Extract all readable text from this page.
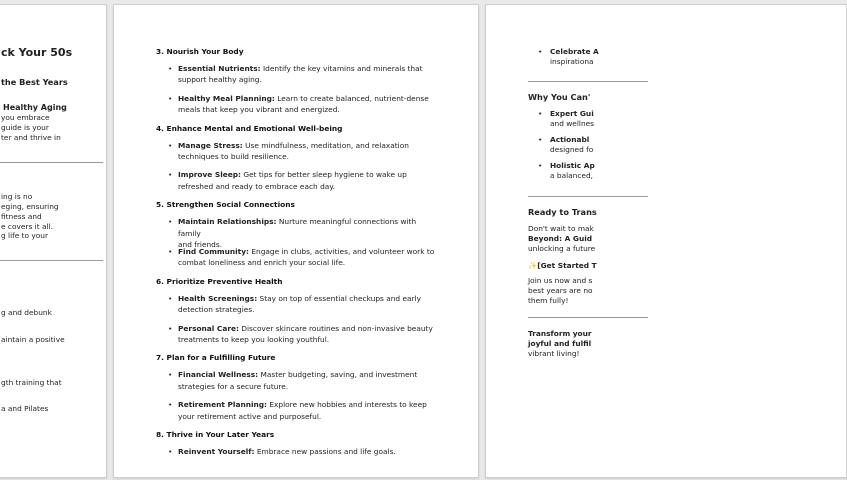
ck Your 50s
the Best Years
Healthy Aging
you embrace
guide is your
ter and thrive in
ing is no
eging, ensuring
fitness and
e covers it all.
g life to your
g and debunk
aintain a positive
gth training that
a and Pilates
3. Nourish Your Body
• Essential Nutrients: Identify the key vitamins and minerals that
support healthy aging.
• Healthy Meal Planning: Learn to create balanced, nutrient-dense
meals that keep you vibrant and energized.
4. Enhance Mental and Emotional Well-being
• Manage Stress: Use mindfulness, meditation, and relaxation
techniques to build resilience.
• Improve Sleep: Get tips for better sleep hygiene to wake up
refreshed and ready to embrace each day.
5. Strengthen Social Connections
• Maintain Relationships: Nurture meaningful connections with family
and friends.
• Find Community: Engage in clubs, activities, and volunteer work to
combat loneliness and enrich your social life.
6. Prioritize Preventive Health
• Health Screenings: Stay on top of essential checkups and early
detection strategies.
• Personal Care: Discover skincare routines and non-invasive beauty
treatments to keep you looking youthful.
7. Plan for a Fulfilling Future
• Financial Wellness: Master budgeting, saving, and investment
strategies for a secure future.
• Retirement Planning: Explore new hobbies and interests to keep
your retirement active and purposeful.
8. Thrive in Your Later Years
• Reinvent Yourself: Embrace new passions and life goals.
• Celebrate A
inspirationa
Why You Can'
• Expert Gui
and wellnes
• Actionabl
designed fo
• Holistic Ap
a balanced,
Ready to Trans
Don't wait to mak
Beyond: A Guid
unlocking a future
✨[Get Started T
Join us now and s
best years are no
them fully!
Transform your
joyful and fulfil
vibrant living!
